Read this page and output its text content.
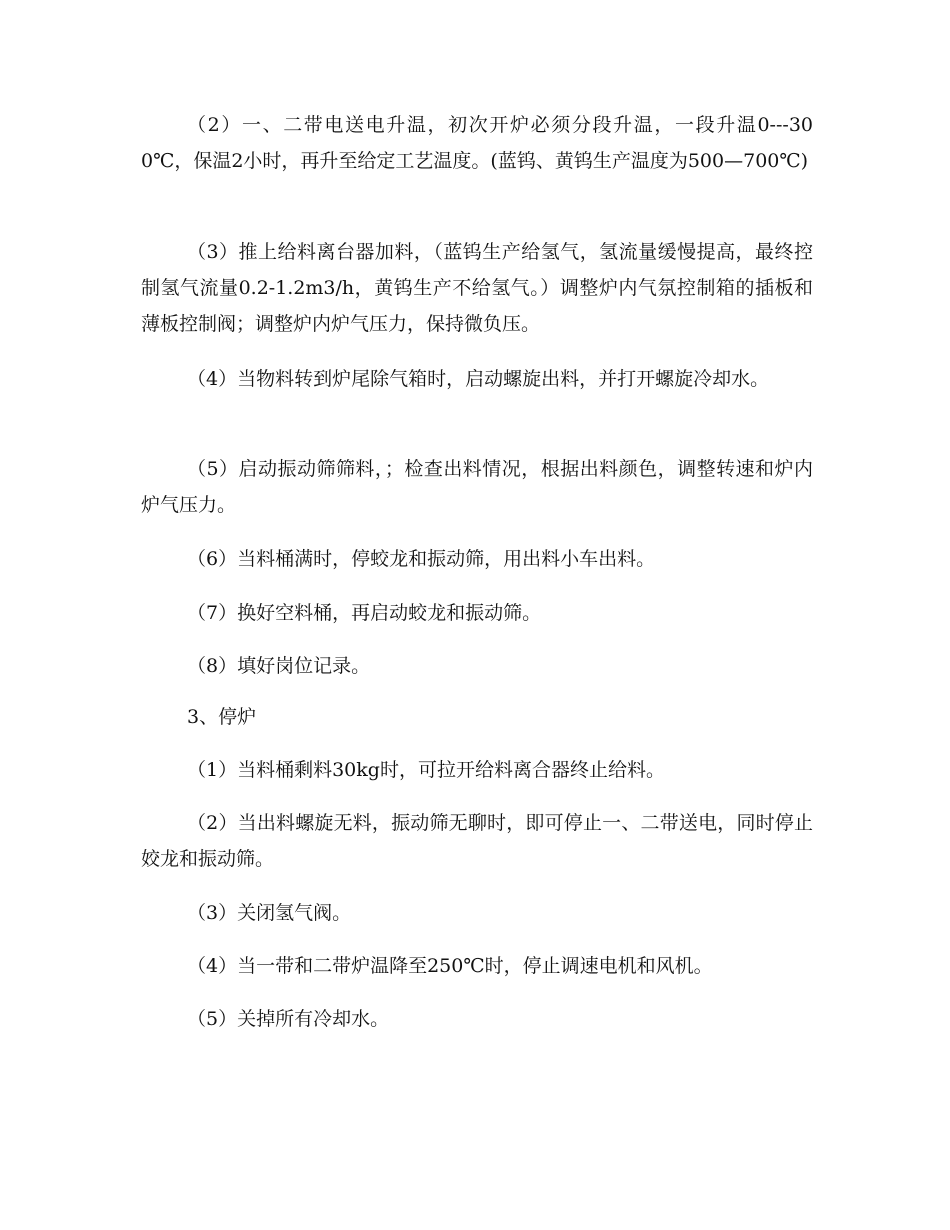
（2）一、二带电送电升温，初次开炉必须分段升温，一段升温0---300℃，保温2小时，再升至给定工艺温度。(蓝钨、黄钨生产温度为500—700℃)

（3）推上给料离台器加料，（蓝钨生产给氢气，氢流量缓慢提高，最终控制氢气流量0.2-1.2m3/h，黄钨生产不给氢气。）调整炉内气氛控制箱的插板和薄板控制阀；调整炉内炉气压力，保持微负压。

（4）当物料转到炉尾除气箱时，启动螺旋出料，并打开螺旋冷却水。

（5）启动振动筛筛料，；检查出料情况，根据出料颜色，调整转速和炉内炉气压力。

（6）当料桶满时，停蛟龙和振动筛，用出料小车出料。

（7）换好空料桶，再启动蛟龙和振动筛。

（8）填好岗位记录。

3、停炉

（1）当料桶剩料30kg时，可拉开给料离合器终止给料。

（2）当出料螺旋无料，振动筛无聊时，即可停止一、二带送电，同时停止姣龙和振动筛。

（3）关闭氢气阀。

（4）当一带和二带炉温降至250℃时，停止调速电机和风机。

（5）关掉所有冷却水。
